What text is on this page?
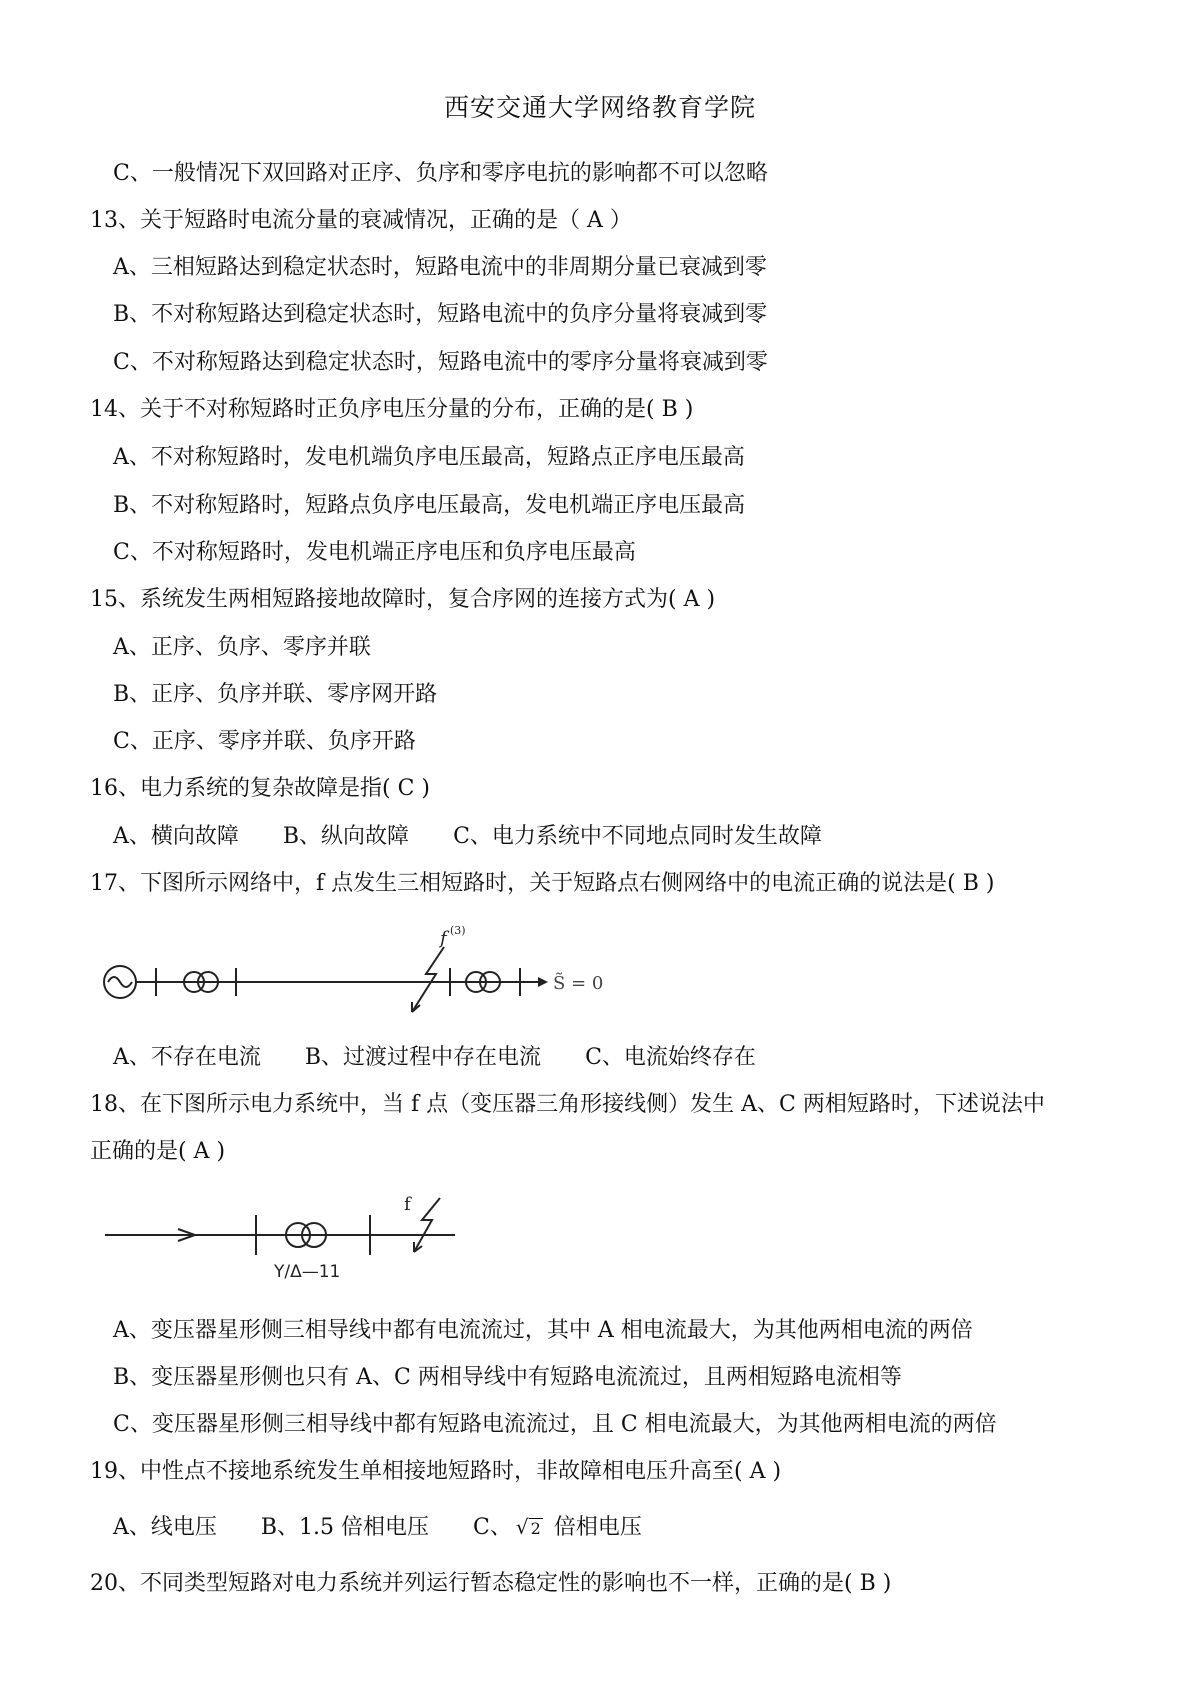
西安交通大学网络教育学院
C、一般情况下双回路对正序、负序和零序电抗的影响都不可以忽略
13、关于短路时电流分量的衰减情况，正确的是（ A ）
A、三相短路达到稳定状态时，短路电流中的非周期分量已衰减到零
B、不对称短路达到稳定状态时，短路电流中的负序分量将衰减到零
C、不对称短路达到稳定状态时，短路电流中的零序分量将衰减到零
14、关于不对称短路时正负序电压分量的分布，正确的是( B )
A、不对称短路时，发电机端负序电压最高，短路点正序电压最高
B、不对称短路时，短路点负序电压最高，发电机端正序电压最高
C、不对称短路时，发电机端正序电压和负序电压最高
15、系统发生两相短路接地故障时，复合序网的连接方式为( A )
A、正序、负序、零序并联
B、正序、负序并联、零序网开路
C、正序、零序并联、负序开路
16、电力系统的复杂故障是指( C )
A、横向故障 B、纵向故障 C、电力系统中不同地点同时发生故障
17、下图所示网络中，f 点发生三相短路时，关于短路点右侧网络中的电流正确的说法是( B )
f (3)
S̃ = 0
A、不存在电流 B、过渡过程中存在电流 C、电流始终存在
18、在下图所示电力系统中，当 f 点（变压器三角形接线侧）发生 A、C 两相短路时，下述说法中
正确的是( A )
f
Y/Δ—11
A、变压器星形侧三相导线中都有电流流过，其中 A 相电流最大，为其他两相电流的两倍
B、变压器星形侧也只有 A、C 两相导线中有短路电流流过，且两相短路电流相等
C、变压器星形侧三相导线中都有短路电流流过，且 C 相电流最大，为其他两相电流的两倍
19、中性点不接地系统发生单相接地短路时，非故障相电压升高至( A )
A、线电压 B、1.5 倍相电压 C、 √ 2 倍相电压
20、不同类型短路对电力系统并列运行暂态稳定性的影响也不一样，正确的是( B )
